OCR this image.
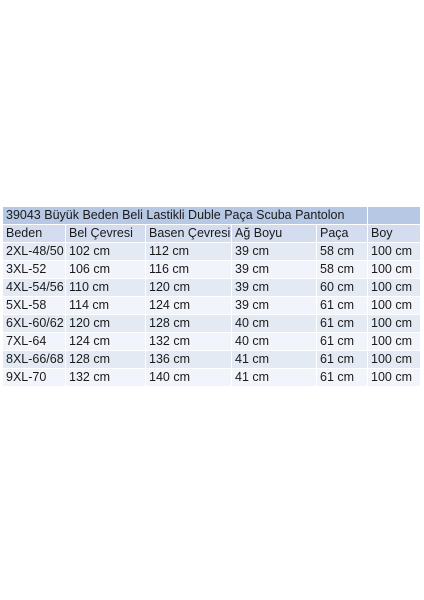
39043 Büyük Beden Beli Lastikli Duble Paça Scuba Pantolon					
Beden	Bel Çevresi	Basen Çevresi	Ağ Boyu	Paça	Boy
2XL-48/50	102 cm	112 cm	39 cm	58 cm	100 cm
3XL-52	106 cm	116 cm	39 cm	58 cm	100 cm
4XL-54/56	110 cm	120 cm	39 cm	60 cm	100 cm
5XL-58	114 cm	124 cm	39 cm	61 cm	100 cm
6XL-60/62	120 cm	128 cm	40 cm	61 cm	100 cm
7XL-64	124 cm	132 cm	40 cm	61 cm	100 cm
8XL-66/68	128 cm	136 cm	41 cm	61 cm	100 cm
9XL-70	132 cm	140 cm	41 cm	61 cm	100 cm
